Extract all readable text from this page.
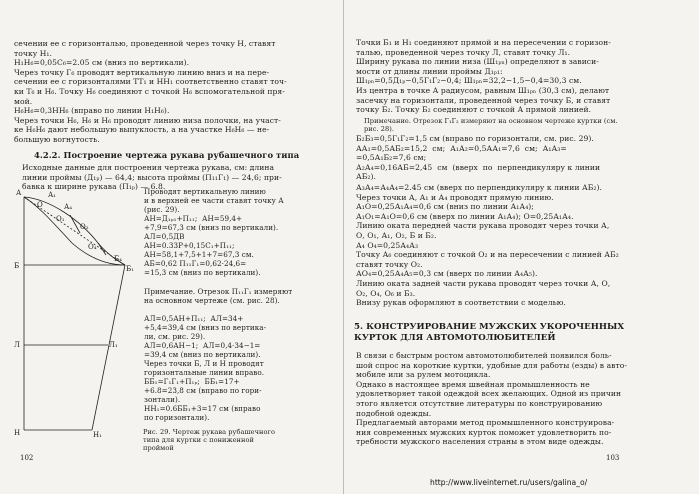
сечении ее с горизонталью, проведенной через точку Н, ставят
точку Н₁.
Н₁Н₆=0,05С₆=2.05 см (вниз по вертикали).
Через точку Г₆ проводят вертикальную линию вниз и на пере-
сечении ее с горизонталями ТТ₁ и НН₁ соответственно ставят точ-
ки Т₆ и Н₆. Точку Н₆ соединяют с точкой Н₆ вспомогательной пря-
мой.
Н₆Н₆=0,3НН₆ (вправо по линии Н₁Н₆).
Через точки Н₆, Н₆ и Н₆ проводят линию низа полочки, на участ-
ке Н₆Н₆ дают небольшую выпуклость, а на участке Н₆Н₆ — не-
большую вогнутость.
4.2.2. Построение чертежа рукава рубашечного типа
Исходные данные для построения чертежа рукава, см: длина
линии проймы (Д₁ₚ) — 64,4; высота проймы (П₁₁Г₁) — 24,6; при-
бавка к ширине рукава (П₁ₚ) — 6.8.
А	А₁
А₄
О
О₁
О₂
О₄
Б
Б₄
Б₁
Л	Л₁
Н	Н₁
Проводят вертикальную линию
и в верхней ее части ставят точку А
(рис. 29).
АН=Д₁ₚ₁+П₁₁;  АН=59,4+
+7,9=67,3 см (вниз по вертикали).
АЛ=0,5ДВ
АН=0.33Р+0,15С₁+П₁₁;
АН=58,1+7,5+1+7=67,3 см.
АБ=0,62 П₁₁Г₁=0,62·24,6=
=15,3 см (вниз по вертикали).

Примечание. Отрезок П₁₁Г₁ измеряют
на основном чертеже (см. рис. 28).

АЛ=0,5АН+П₁₁;  АЛ=34+
+5,4=39,4 см (вниз по вертика-
ли, см. рис. 29).
АЛ=0,6АН−1;  АЛ=0,4·34−1=
=39,4 см (вниз по вертикали).
Через точки Б, Л и Н проводят
горизонтальные линии вправо.
ББ₁=Г₁Г₁+П₁ₚ;  ББ₁=17+
+6.8=23,8 см (вправо по гори-
зонтали).
НН₁=0.6ББ₁+3=17 см (вправо
по горизонтали).
Рис. 29. Чертеж рукава рубашечного
типа для куртки с пониженной
проймой
102
Точки Б₁ и Н₁ соединяют прямой и на пересечении с горизон-
талью, проведенной через точку Л, ставят точку Л₁.
Ширину рукава по линии низа (Ш₁ₚₙ) определяют в зависи-
мости от длины линии проймы Д₁ₚ₁:
Ш₁ₚₙ=0,5Д₁ₚ−0,5Г₁Г₂−0,4; Ш₁ₚₙ=32,2−1,5−0,4=30,3 см.
Из центра в точке А радиусом, равным Ш₁ₚₙ (30,3 см), делают
засечку на горизонтали, проведенной через точку Б, и ставят
точку Б₂. Точку Б₂ соединяют с точкой А прямой линией.
Примечание. Отрезок Г₁Г₂ измеряют на основном чертеже куртки (см.
рис. 28).
Б₂Б₃=0,5Г₁Г₂=1,5 см (вправо по горизонтали, см. рис. 29).
АА₁=0,5АБ₂=15,2  см;  А₁А₂=0,5АА₁=7,6  см;  А₁А₃=
=0,5А₁Б₂=7,6 см;
А₂А₄=0,16АБ=2,45  см  (вверх  по  перпендикуляру к линии
АБ₂).
А₃А₄=А₄А₄=2.45 см (вверх по перпендикуляру к линии АБ₂).
Через точки А, А₁ и А₄ проводят прямую линию.
А₁О=0,25А₁А₄=0,6 см (вниз по линии А₁А₄);
А₁О₁=А₁О=0,6 см (вверх по линии А₁А₄); О=0,25А₁А₄.
Линию оката передней части рукава проводят через точки А,
О, О₁, А₁, О₂, Б и Б₂.
А₄ О₄=0,25А₄А₃
Точку А₆ соединяют с точкой О₂ и на пересечении с линией АБ₂
ставят точку О₂.
АО₄=0,25А₄А₅=0,3 см (вверх по линии А₄А₅).
Линию оката задней части рукава проводят через точки А, О,
О₂, О₄, О₆ и Б₃.
Внизу рукав оформляют в соответствии с моделью.
5. КОНСТРУИРОВАНИЕ МУЖСКИХ УКОРОЧЕННЫХ
КУРТОК ДЛЯ АВТОМОТОЛЮБИТЕЛЕЙ
В связи с быстрым ростом автомотолюбителей появился боль-
шой спрос на короткие куртки, удобные для работы (езды) в авто-
мобиле или за рулем мотоцикла.
Однако в настоящее время швейная промышленность не
удовлетворяет такой одеждой всех желающих. Одной из причин
этого является отсутствие литературы по конструированию
подобной одежды.
Предлагаемый авторами метод промышленного конструирова-
ния современных мужских курток поможет удовлетворить по-
требности мужского населения страны в этом виде одежды.
103
http://www.liveinternet.ru/users/galina_o/
